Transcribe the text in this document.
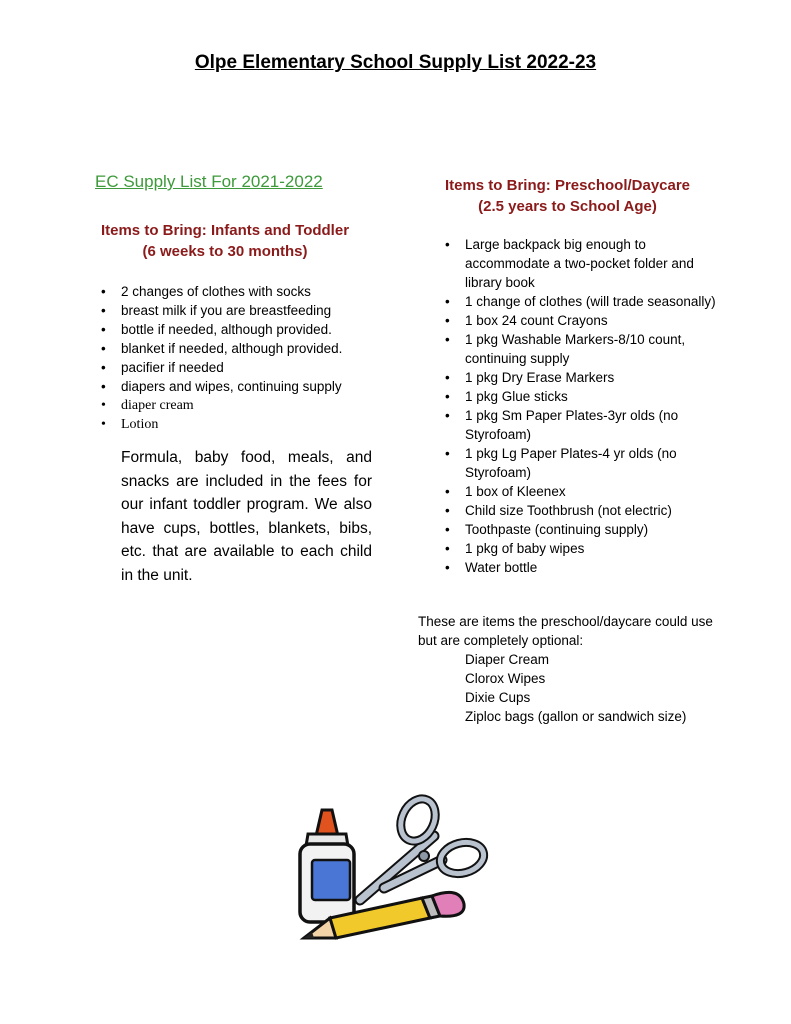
Olpe Elementary School Supply List 2022-23
EC Supply List For 2021-2022
Items to Bring: Infants and Toddler
(6 weeks to 30 months)
• 2 changes of clothes with socks
• breast milk if you are breastfeeding
• bottle if needed, although provided.
• blanket if needed, although provided.
• pacifier if needed
• diapers and wipes, continuing supply
• diaper cream
• Lotion
Formula, baby food, meals, and snacks are included in the fees for our infant toddler program. We also have cups, bottles, blankets, bibs, etc. that are available to each child in the unit.
Items to Bring: Preschool/Daycare
(2.5 years to School Age)
• Large backpack big enough to accommodate a two-pocket folder and library book
• 1 change of clothes (will trade seasonally)
• 1 box 24 count Crayons
• 1 pkg Washable Markers-8/10 count, continuing supply
• 1 pkg Dry Erase Markers
• 1 pkg Glue sticks
• 1 pkg Sm Paper Plates-3yr olds (no Styrofoam)
• 1 pkg Lg Paper Plates-4 yr olds (no Styrofoam)
• 1 box of Kleenex
• Child size Toothbrush (not electric)
• Toothpaste (continuing supply)
• 1 pkg of baby wipes
• Water bottle
These are items the preschool/daycare could use but are completely optional:
Diaper Cream
Clorox Wipes
Dixie Cups
Ziploc bags (gallon or sandwich size)
